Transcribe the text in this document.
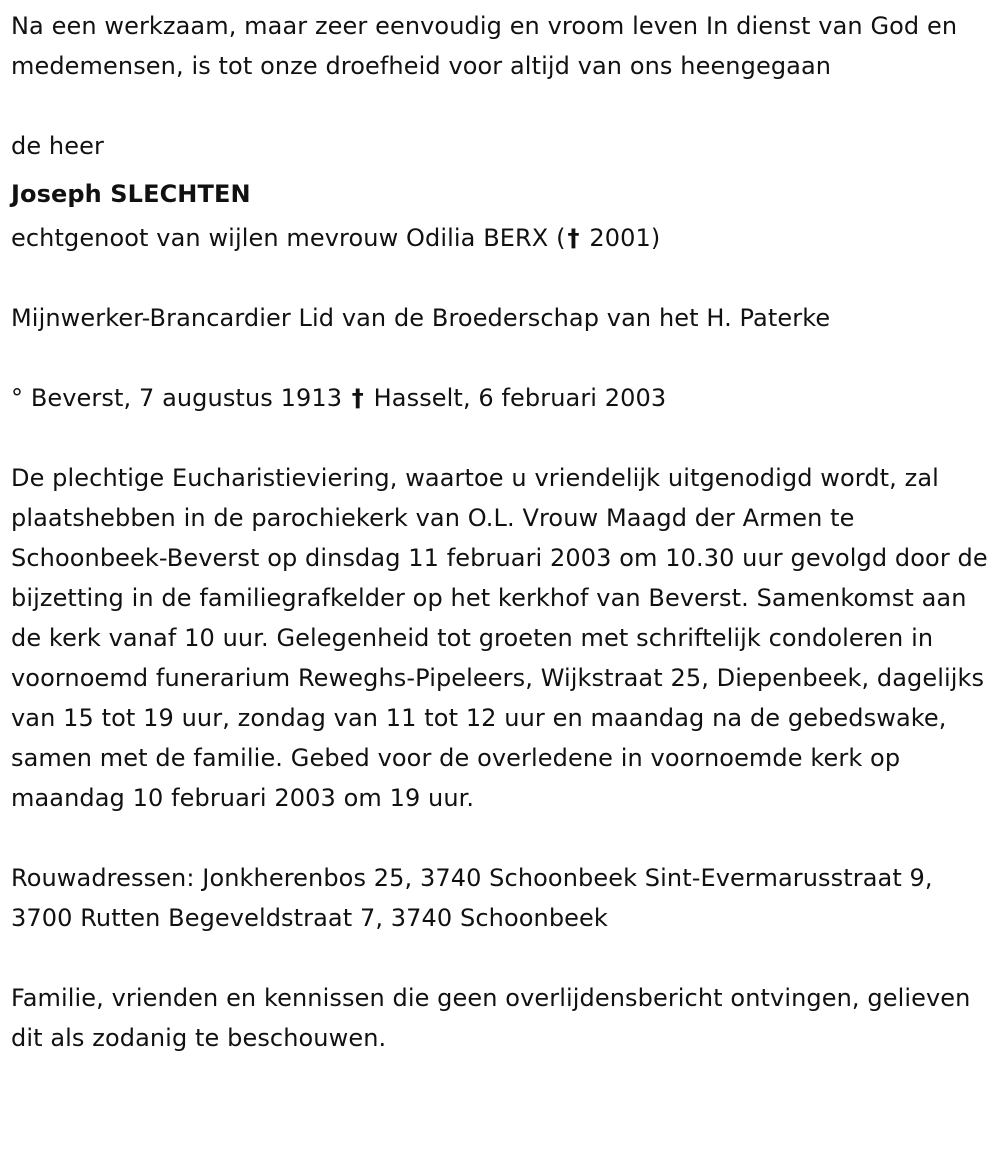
Na een werkzaam, maar zeer eenvoudig en vroom leven In dienst van God en medemensen, is tot onze droefheid voor altijd van ons heengegaan

de heer

Joseph SLECHTEN

echtgenoot van wijlen mevrouw Odilia BERX († 2001)

Mijnwerker-Brancardier Lid van de Broederschap van het H. Paterke

° Beverst, 7 augustus 1913 † Hasselt, 6 februari 2003

De plechtige Eucharistieviering, waartoe u vriendelijk uitgenodigd wordt, zal plaatshebben in de parochiekerk van O.L. Vrouw Maagd der Armen te Schoonbeek-Beverst op dinsdag 11 februari 2003 om 10.30 uur gevolgd door de bijzetting in de familiegrafkelder op het kerkhof van Beverst. Samenkomst aan de kerk vanaf 10 uur. Gelegenheid tot groeten met schriftelijk condoleren in voornoemd funerarium Reweghs-Pipeleers, Wijkstraat 25, Diepenbeek, dagelijks van 15 tot 19 uur, zondag van 11 tot 12 uur en maandag na de gebedswake, samen met de familie. Gebed voor de overledene in voornoemde kerk op maandag 10 februari 2003 om 19 uur.

Rouwadressen: Jonkherenbos 25, 3740 Schoonbeek Sint-Evermarusstraat 9, 3700 Rutten Begeveldstraat 7, 3740 Schoonbeek

Familie, vrienden en kennissen die geen overlijdensbericht ontvingen, gelieven dit als zodanig te beschouwen.
